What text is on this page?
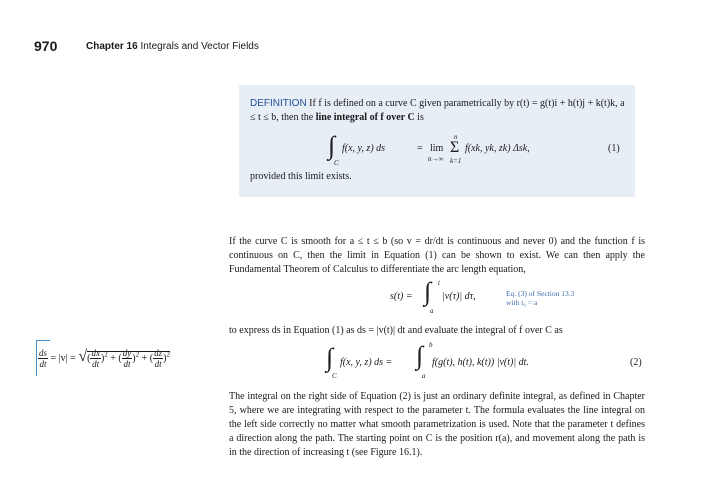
970	Chapter 16 Integrals and Vector Fields
DEFINITION If f is defined on a curve C given parametrically by r(t) = g(t)i + h(t)j + k(t)k, a ≤ t ≤ b, then the line integral of f over C is
∫
C
f(x, y, z) ds	= lim
n→∞
n
Σ
k=1
f(xk, yk, zk) Δsk,	(1)
provided this limit exists.
If the curve C is smooth for a ≤ t ≤ b (so v = dr/dt is continuous and never 0) and the function f is continuous on C, then the limit in Equation (1) can be shown to exist. We can then apply the Fundamental Theorem of Calculus to differentiate the arc length equation,
s(t) = ∫ t
a
|v(τ)| dτ,	Eq. (3) of Section 13.3
with t₀ = a
to express ds in Equation (1) as ds = |v(t)| dt and evaluate the integral of f over C as
∫
C
f(x, y, z) ds = ∫ b
a
f(g(t), h(t), k(t)) |v(t)| dt.	(2)
$\frac{ds}{dt} = |v|$ = √( $\frac{dx}{dt} )^2$ + ( $\frac{dy}{dt} )^2$ + ( $\frac{dz}{dt} )^2$
The integral on the right side of Equation (2) is just an ordinary definite integral, as defined in Chapter 5, where we are integrating with respect to the parameter t. The formula evaluates the line integral on the left side correctly no matter what smooth parametrization is used. Note that the parameter t defines a direction along the path. The starting point on C is the position r(a), and movement along the path is in the direction of increasing t (see Figure 16.1).
